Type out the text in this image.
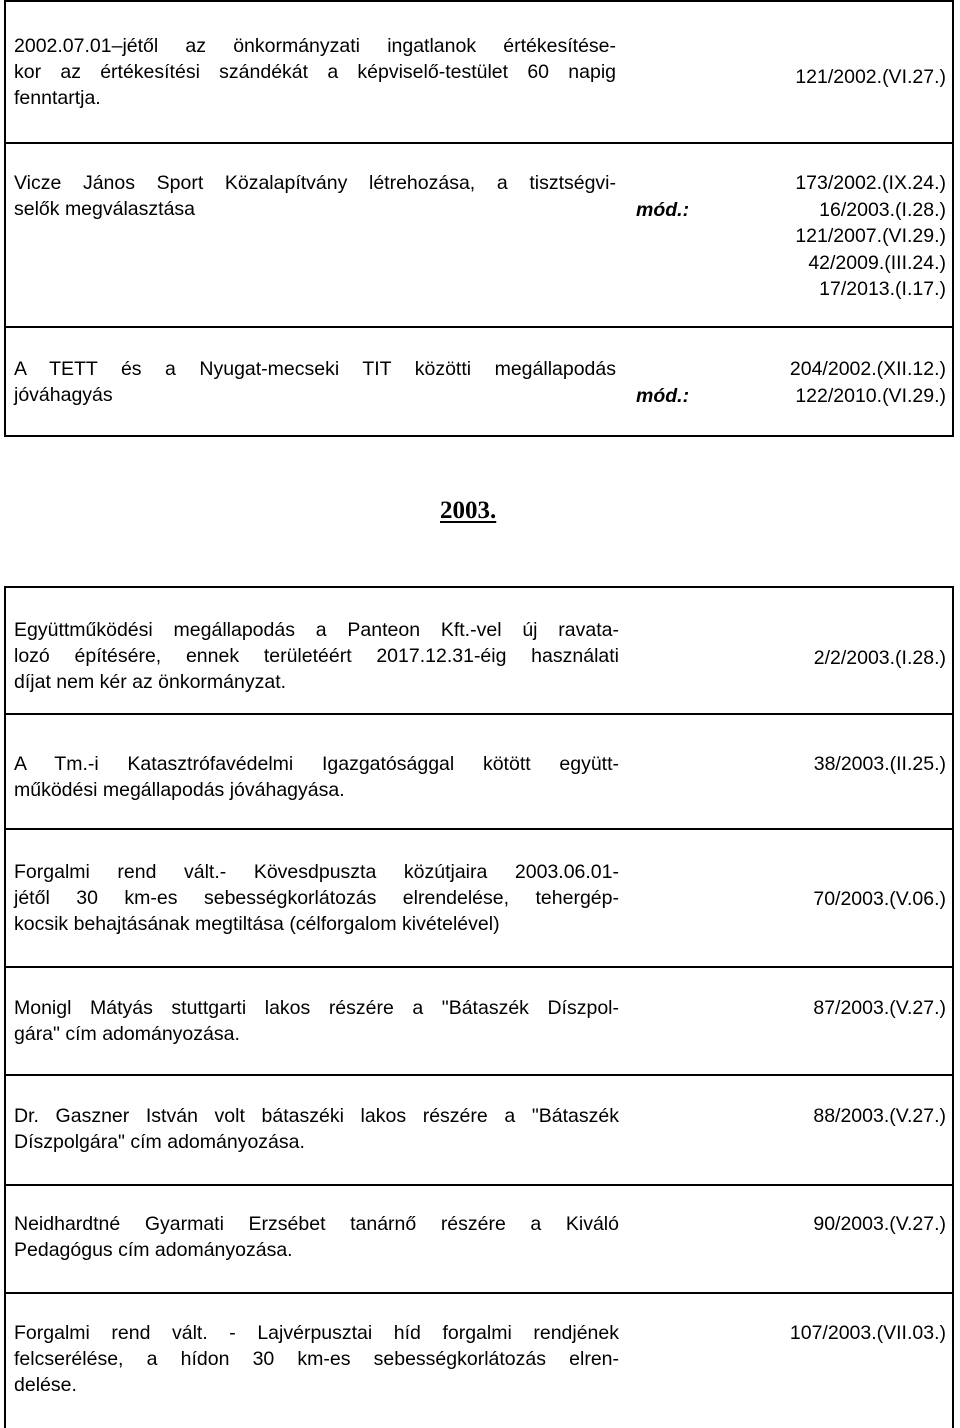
2002.07.01–jétől az önkormányzati ingatlanok értékesítése-
kor az értékesítési szándékát a képviselő-testület 60 napig
fenntartja.
121/2002.(VI.27.)
Vicze János Sport Közalapítvány létrehozása, a tisztségvi-
selők megválasztása	mód.:
173/2002.(IX.24.)
16/2003.(I.28.)
121/2007.(VI.29.)
42/2009.(III.24.)
17/2013.(I.17.)
A TETT és a Nyugat-mecseki TIT közötti megállapodás
jóváhagyás	mód.:
204/2002.(XII.12.)
122/2010.(VI.29.)
2003.
Együttműködési megállapodás a Panteon Kft.-vel új ravata-
lozó építésére, ennek területéért 2017.12.31-éig használati
díjat nem kér az önkormányzat.
2/2/2003.(I.28.)
A Tm.-i Katasztrófavédelmi Igazgatósággal kötött együtt-
működési megállapodás jóváhagyása.
38/2003.(II.25.)
Forgalmi rend vált.- Kövesdpuszta közútjaira 2003.06.01-
jétől 30 km-es sebességkorlátozás elrendelése, tehergép-
kocsik behajtásának megtiltása (célforgalom kivételével)
70/2003.(V.06.)
Monigl Mátyás stuttgarti lakos részére a "Bátaszék Díszpol-
gára" cím adományozása.
87/2003.(V.27.)
Dr. Gaszner István volt bátaszéki lakos részére a "Bátaszék
Díszpolgára" cím adományozása.
88/2003.(V.27.)
Neidhardtné Gyarmati Erzsébet tanárnő részére a Kiváló
Pedagógus cím adományozása.
90/2003.(V.27.)
Forgalmi rend vált. - Lajvérpusztai híd forgalmi rendjének
felcserélése, a hídon 30 km-es sebességkorlátozás elren-
delése.
107/2003.(VII.03.)
